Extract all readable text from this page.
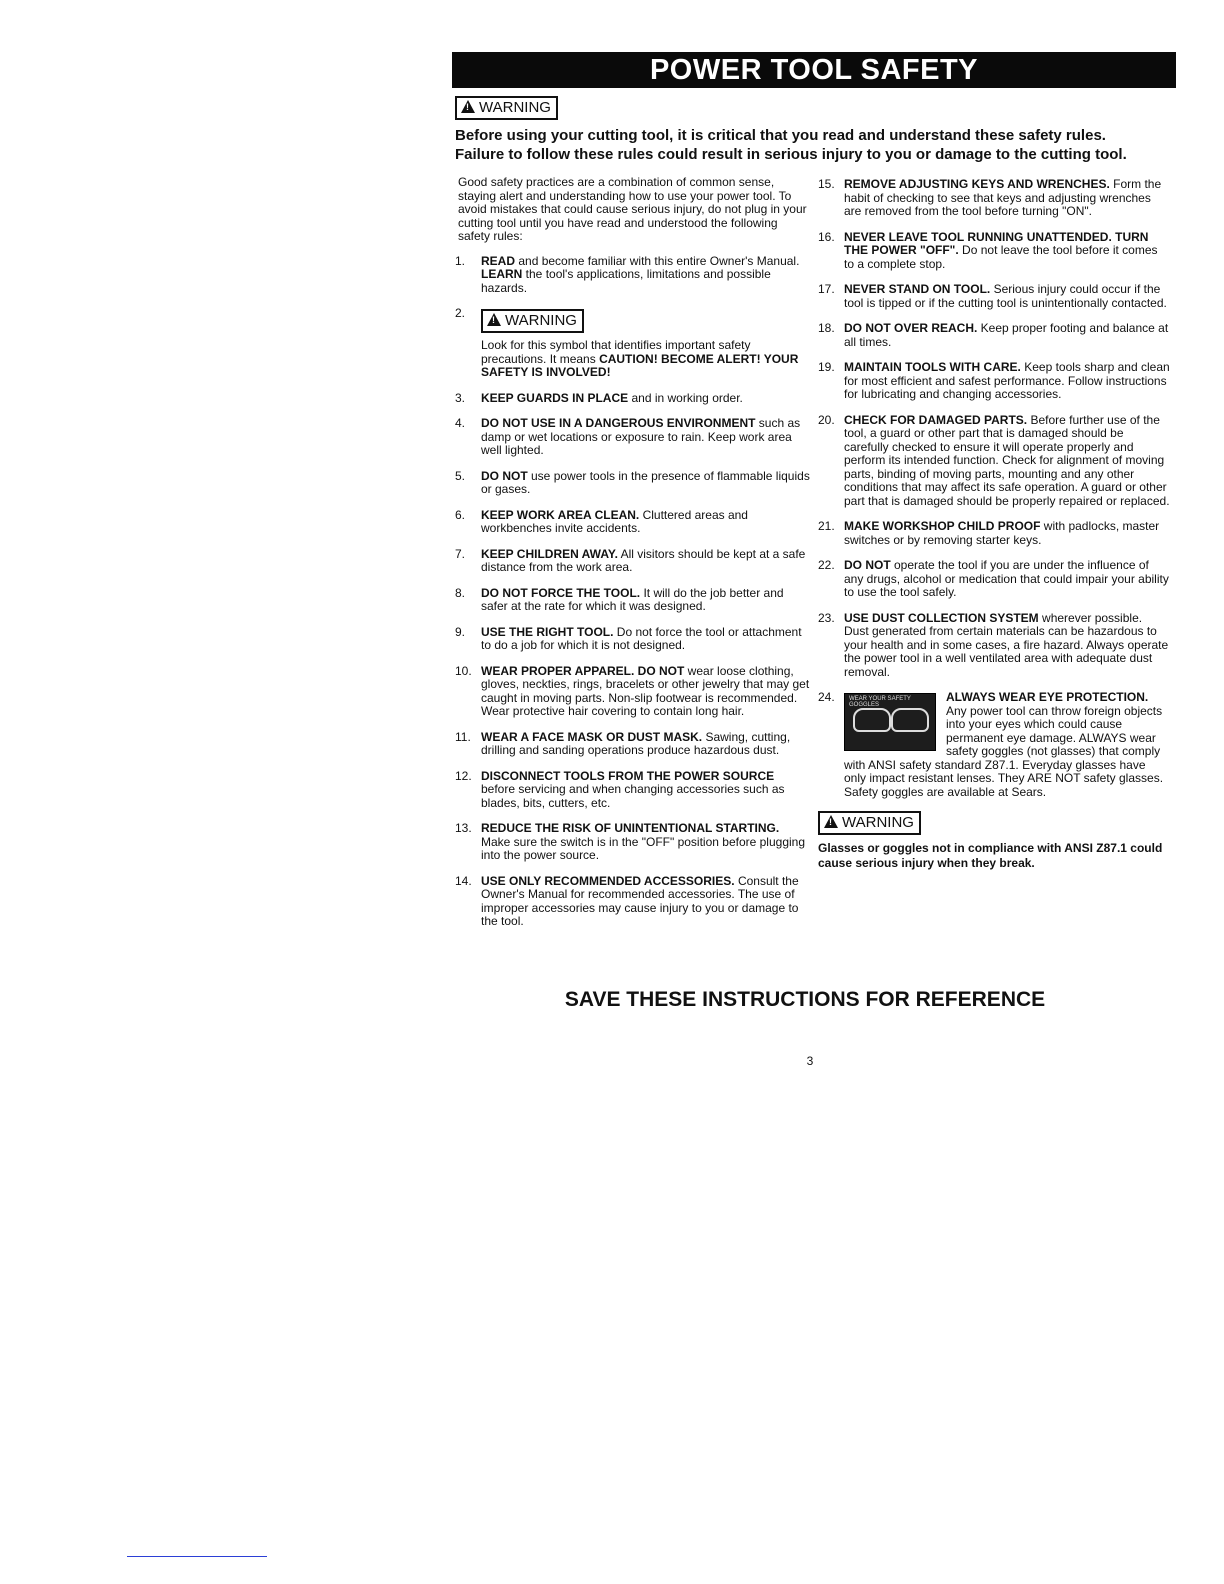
POWER TOOL SAFETY
!WARNING
Before using your cutting tool, it is critical that you read and understand these safety rules.
Failure to follow these rules could result in serious injury to you or damage to the cutting tool.
Good safety practices are a combination of common sense, staying alert and understanding how to use your power tool. To avoid mistakes that could cause serious injury, do not plug in your cutting tool until you have read and understood the following safety rules:
1.	READ and become familiar with this entire Owner's Manual. LEARN the tool's applications, limitations and possible hazards.
2.
!	WARNING
Look for this symbol that identifies important safety precautions. It means CAUTION! BECOME ALERT! YOUR SAFETY IS INVOLVED!
3.	KEEP GUARDS IN PLACE and in working order.
4.	DO NOT USE IN A DANGEROUS ENVIRONMENT such as damp or wet locations or exposure to rain. Keep work area well lighted.
5.	DO NOT use power tools in the presence of flammable liquids or gases.
6.	KEEP WORK AREA CLEAN. Cluttered areas and workbenches invite accidents.
7.	KEEP CHILDREN AWAY. All visitors should be kept at a safe distance from the work area.
8.	DO NOT FORCE THE TOOL. It will do the job better and safer at the rate for which it was designed.
9.	USE THE RIGHT TOOL. Do not force the tool or attachment to do a job for which it is not designed.
10. WEAR PROPER APPAREL. DO NOT wear loose clothing, gloves, neckties, rings, bracelets or other jewelry that may get caught in moving parts. Non-slip footwear is recommended. Wear protective hair covering to contain long hair.
11. WEAR A FACE MASK OR DUST MASK. Sawing, cutting, drilling and sanding operations produce hazardous dust.
12. DISCONNECT TOOLS FROM THE POWER SOURCE before servicing and when changing accessories such as blades, bits, cutters, etc.
13. REDUCE THE RISK OF UNINTENTIONAL STARTING. Make sure the switch is in the "OFF" position before plugging into the power source.
14. USE ONLY RECOMMENDED ACCESSORIES. Consult the Owner's Manual for recommended accessories. The use of improper accessories may cause injury to you or damage to the tool.
15. REMOVE ADJUSTING KEYS AND WRENCHES. Form the habit of checking to see that keys and adjusting wrenches are removed from the tool before turning "ON".
16. NEVER LEAVE TOOL RUNNING UNATTENDED. TURN THE POWER "OFF". Do not leave the tool before it comes to a complete stop.
17. NEVER STAND ON TOOL. Serious injury could occur if the tool is tipped or if the cutting tool is unintentionally contacted.
18. DO NOT OVER REACH. Keep proper footing and balance at all times.
19. MAINTAIN TOOLS WITH CARE. Keep tools sharp and clean for most efficient and safest performance. Follow instructions for lubricating and changing accessories.
20. CHECK FOR DAMAGED PARTS. Before further use of the tool, a guard or other part that is damaged should be carefully checked to ensure it will operate properly and perform its intended function. Check for alignment of moving parts, binding of moving parts, mounting and any other conditions that may affect its safe operation. A guard or other part that is damaged should be properly repaired or replaced.
21. MAKE WORKSHOP CHILD PROOF with padlocks, master switches or by removing starter keys.
22. DO NOT operate the tool if you are under the influence of any drugs, alcohol or medication that could impair your ability to use the tool safely.
23. USE DUST COLLECTION SYSTEM wherever possible. Dust generated from certain materials can be hazardous to your health and in some cases, a fire hazard. Always operate the power tool in a well ventilated area with adequate dust removal.
24.	ALWAYS WEAR EYE PROTECTION.
WEAR YOUR SAFETY GOGGLES	Any power tool can throw foreign objects into your eyes which could cause permanent eye damage. ALWAYS wear safety goggles (not glasses) that comply with ANSI safety standard Z87.1. Everyday glasses have only impact resistant lenses. They ARE NOT safety glasses. Safety goggles are available at Sears.
!WARNING
Glasses or goggles not in compliance with ANSI Z87.1 could cause serious injury when they break.
SAVE THESE INSTRUCTIONS FOR REFERENCE
3
